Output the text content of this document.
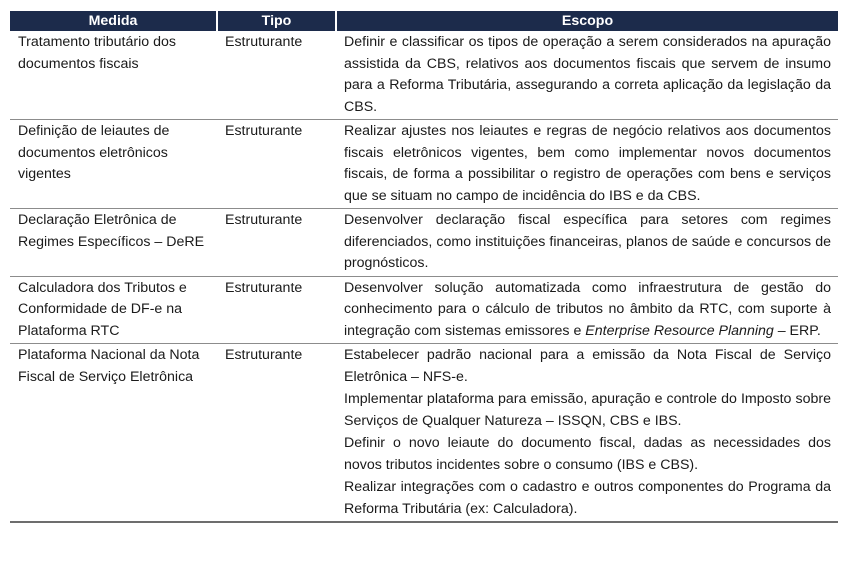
Medida	Tipo	Escopo
Tratamento tributário dos documentos fiscais	Estruturante	Definir e classificar os tipos de operação a serem considerados na apuração assistida da CBS, relativos aos documentos fiscais que servem de insumo para a Reforma Tributária, assegurando a correta aplicação da legislação da CBS.

Definição de leiautes de documentos eletrônicos vigentes	Estruturante	Realizar ajustes nos leiautes e regras de negócio relativos aos documentos fiscais eletrônicos vigentes, bem como implementar novos documentos fiscais, de forma a possibilitar o registro de operações com bens e serviços que se situam no campo de incidência do IBS e da CBS.

Declaração Eletrônica de Regimes Específicos – DeRE	Estruturante	Desenvolver declaração fiscal específica para setores com regimes diferenciados, como instituições financeiras, planos de saúde e concursos de prognósticos.

Calculadora dos Tributos e Conformidade de DF-e na Plataforma RTC	Estruturante	Desenvolver solução automatizada como infraestrutura de gestão do conhecimento para o cálculo de tributos no âmbito da RTC, com suporte à integração com sistemas emissores e Enterprise Resource Planning – ERP.

Plataforma Nacional da Nota Fiscal de Serviço Eletrônica	Estruturante	Estabelecer padrão nacional para a emissão da Nota Fiscal de Serviço Eletrônica – NFS-e.
Implementar plataforma para emissão, apuração e controle do Imposto sobre Serviços de Qualquer Natureza – ISSQN, CBS e IBS.
Definir o novo leiaute do documento fiscal, dadas as necessidades dos novos tributos incidentes sobre o consumo (IBS e CBS).
Realizar integrações com o cadastro e outros componentes do Programa da Reforma Tributária (ex: Calculadora).
